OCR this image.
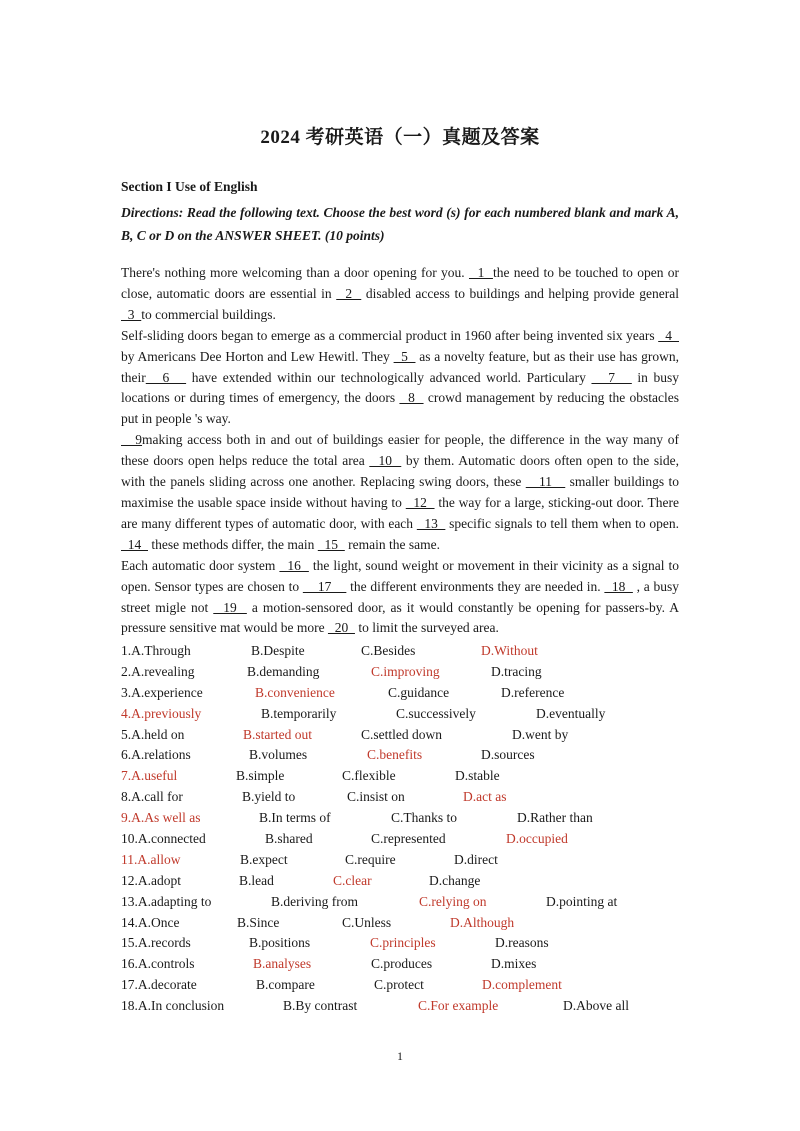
2024 考研英语（一）真题及答案
Section I Use of English
Directions: Read the following text. Choose the best word (s) for each numbered blank and mark A, B, C or D on the ANSWER SHEET. (10 points)

There's nothing more welcoming than a door opening for you.   1  the need to be touched to open or close, automatic doors are essential in   2   disabled access to buildings and helping provide general   3  to commercial buildings.

Self-sliding doors began to emerge as a commercial product in 1960 after being invented six years   4   by Americans Dee Horton and Lew Hewitl. They   5   as a novelty feature, but as their use has grown, their   6    have extended within our technologically advanced world. Particulary    7    in busy locations or during times of emergency, the doors   8   crowd management by reducing the obstacles put in people 's way.

9making access both in and out of buildings easier for people, the difference in the way many of these doors open helps reduce the total area   10   by them. Automatic doors often open to the side, with the panels sliding across one another. Replacing swing doors, these    11    smaller buildings to maximise the usable space inside without having to   12   the way for a large, sticking-out door. There are many different types of automatic door, with each   13   specific signals to tell them when to open.   14   these methods differ, the main   15   remain the same.

Each automatic door system   16   the light, sound weight or movement in their vicinity as a signal to open. Sensor types are chosen to     17     the different environments they are needed in.   18   , a busy street migle not   19   a motion-sensored door, as it would constantly be opening for passers-by. A pressure sensitive mat would be more   20   to limit the surveyed area.

1.A.Through	B.Despite	C.Besides	D.Without
2.A.revealing	B.demanding	C.improving	D.tracing
3.A.experience	B.convenience	C.guidance	D.reference
4.A.previously	B.temporarily	C.successively	D.eventually
5.A.held on	B.started out	C.settled down	D.went by
6.A.relations	B.volumes	C.benefits	D.sources
7.A.useful	B.simple	C.flexible	D.stable
8.A.call for	B.yield to	C.insist on	D.act as
9.A.As well as	B.In terms of	C.Thanks to	D.Rather than
10.A.connected	B.shared	C.represented	D.occupied
11.A.allow	B.expect	C.require	D.direct
12.A.adopt	B.lead	C.clear	D.change
13.A.adapting to	B.deriving from	C.relying on	D.pointing at
14.A.Once	B.Since	C.Unless	D.Although
15.A.records	B.positions	C.principles	D.reasons
16.A.controls	B.analyses	C.produces	D.mixes
17.A.decorate	B.compare	C.protect	D.complement
18.A.In conclusion	B.By contrast	C.For example	D.Above all
1
